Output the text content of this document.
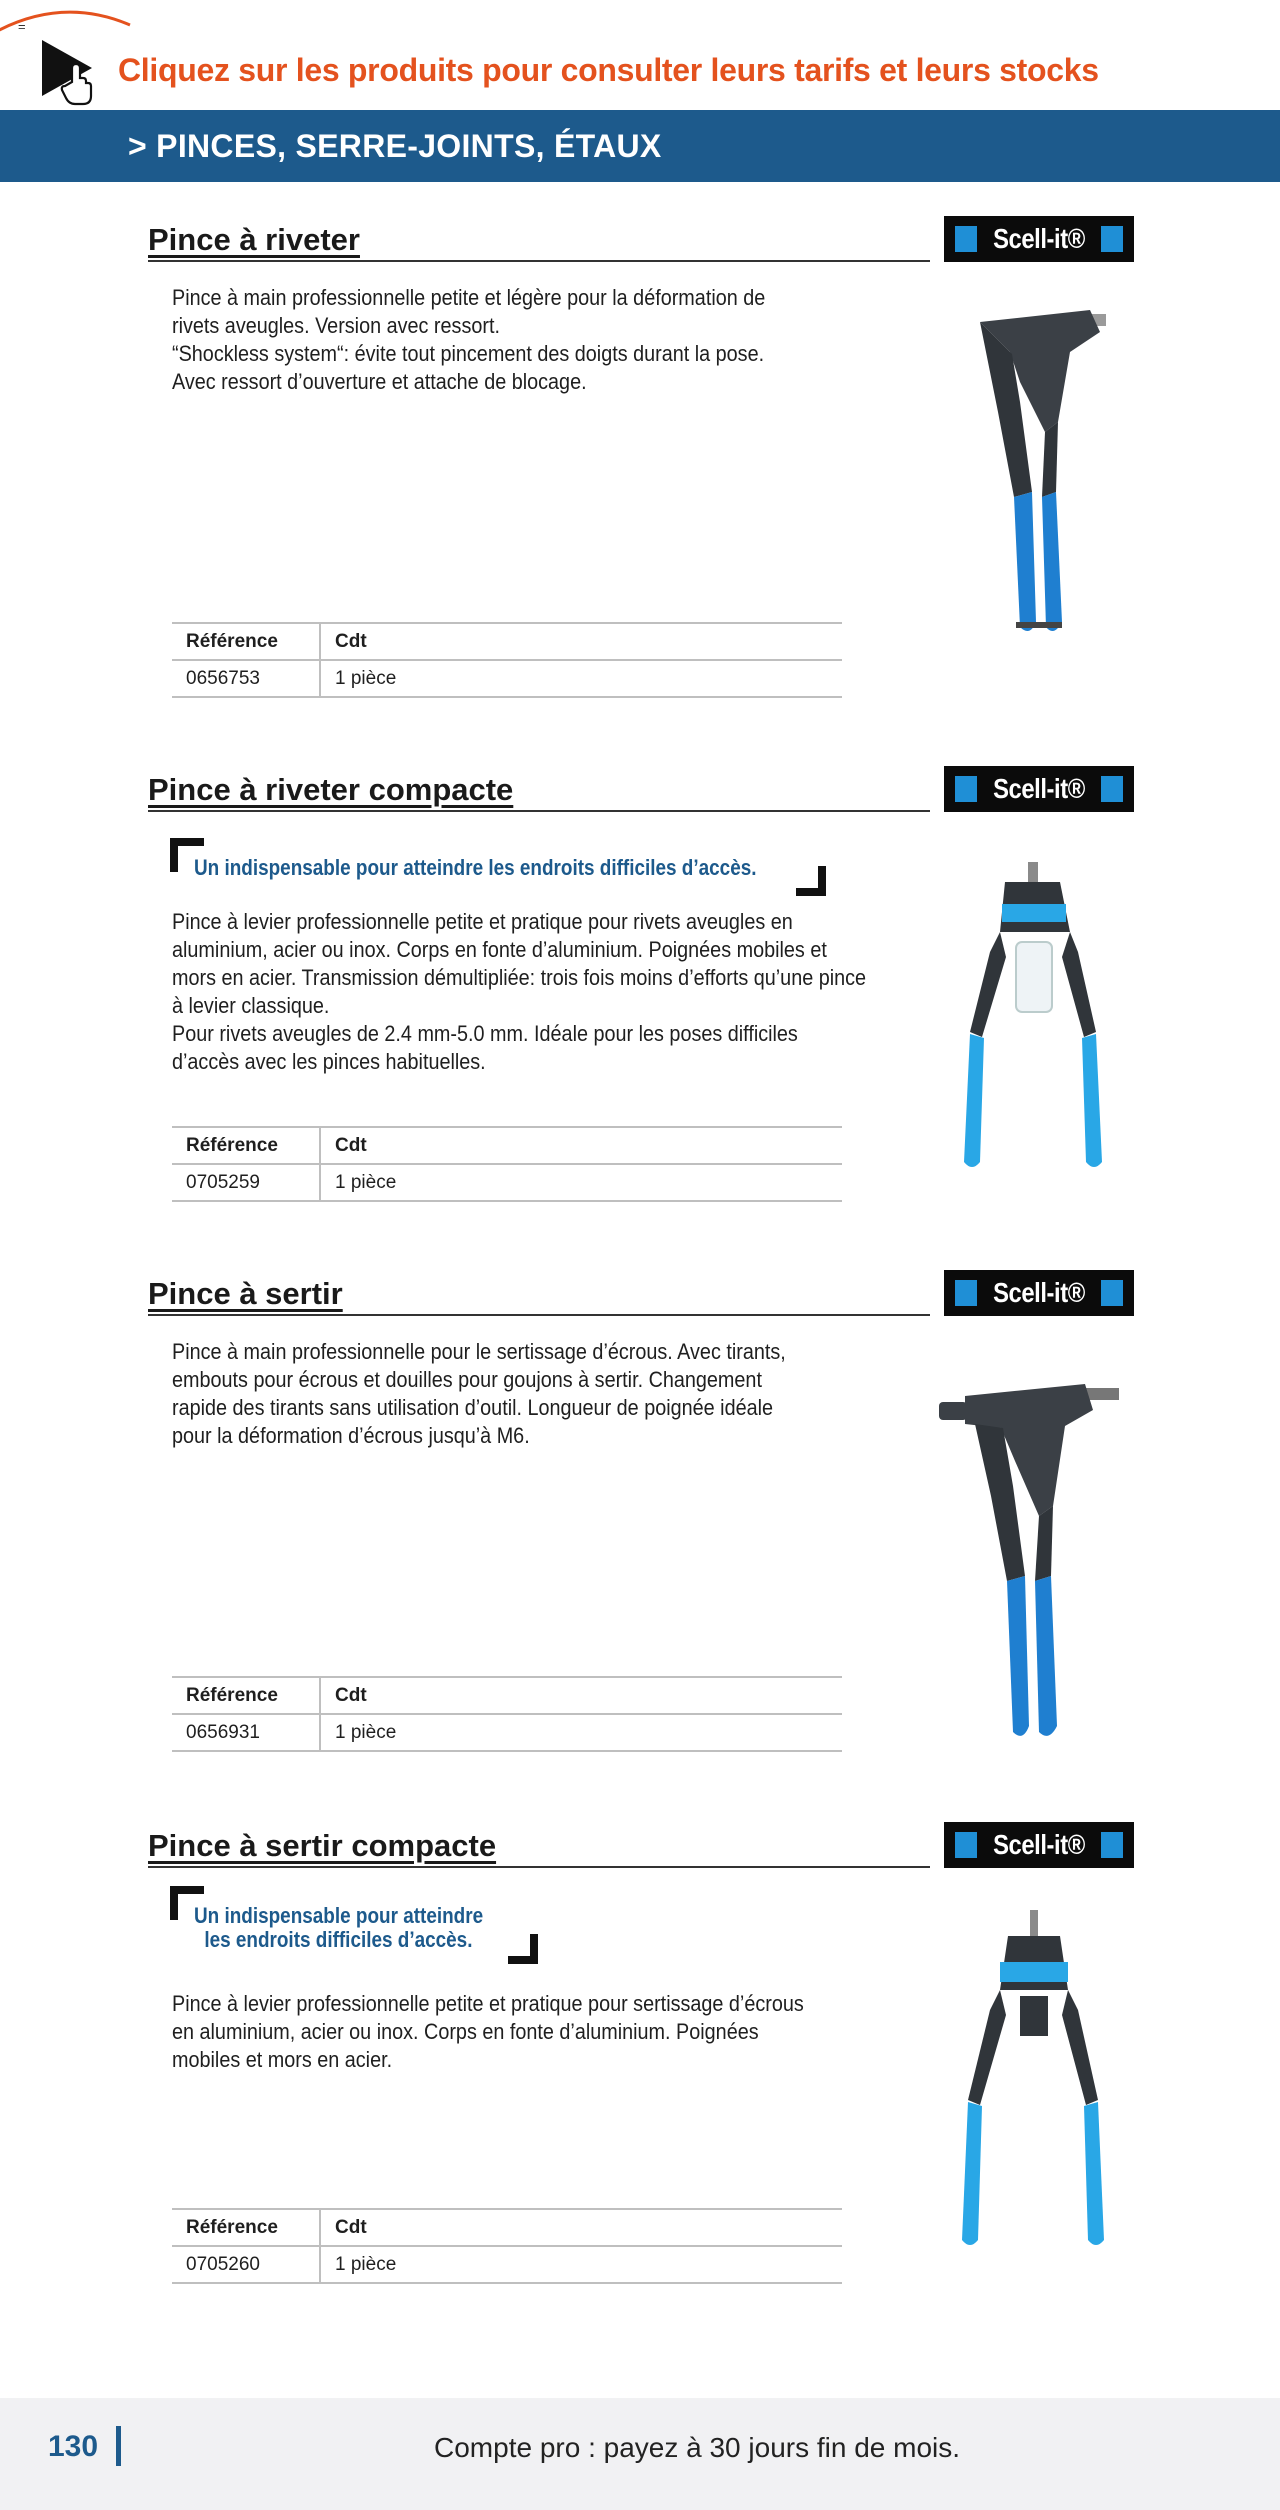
=
Cliquez sur les produits pour consulter leurs tarifs et leurs stocks
> PINCES, SERRE-JOINTS, ÉTAUX
Pince à riveter	Scell-it®
Pince à main professionnelle petite et légère pour la déformation de
rivets aveugles. Version avec ressort.
“Shockless system“: évite tout pincement des doigts durant la pose.
Avec ressort d’ouverture et attache de blocage.
Référence	Cdt
0656753	1 pièce
Pince à riveter compacte	Scell-it®
Un indispensable pour atteindre les endroits difficiles d’accès.
Pince à levier professionnelle petite et pratique pour rivets aveugles en
aluminium, acier ou inox. Corps en fonte d’aluminium. Poignées mobiles et
mors en acier. Transmission démultipliée: trois fois moins d’efforts qu’une pince
à levier classique.
Pour rivets aveugles de 2.4 mm-5.0 mm. Idéale pour les poses difficiles
d’accès avec les pinces habituelles.
Référence	Cdt
0705259	1 pièce
Pince à sertir	Scell-it®
Pince à main professionnelle pour le sertissage d’écrous. Avec tirants,
embouts pour écrous et douilles pour goujons à sertir. Changement
rapide des tirants sans utilisation d’outil. Longueur de poignée idéale
pour la déformation d’écrous jusqu’à M6.
Référence	Cdt
0656931	1 pièce
Pince à sertir compacte	Scell-it®
Un indispensable pour atteindre
les endroits difficiles d’accès.
Pince à levier professionnelle petite et pratique pour sertissage d’écrous
en aluminium, acier ou inox. Corps en fonte d’aluminium. Poignées
mobiles et mors en acier.
Référence	Cdt
0705260	1 pièce
130	Compte pro : payez à 30 jours fin de mois.
